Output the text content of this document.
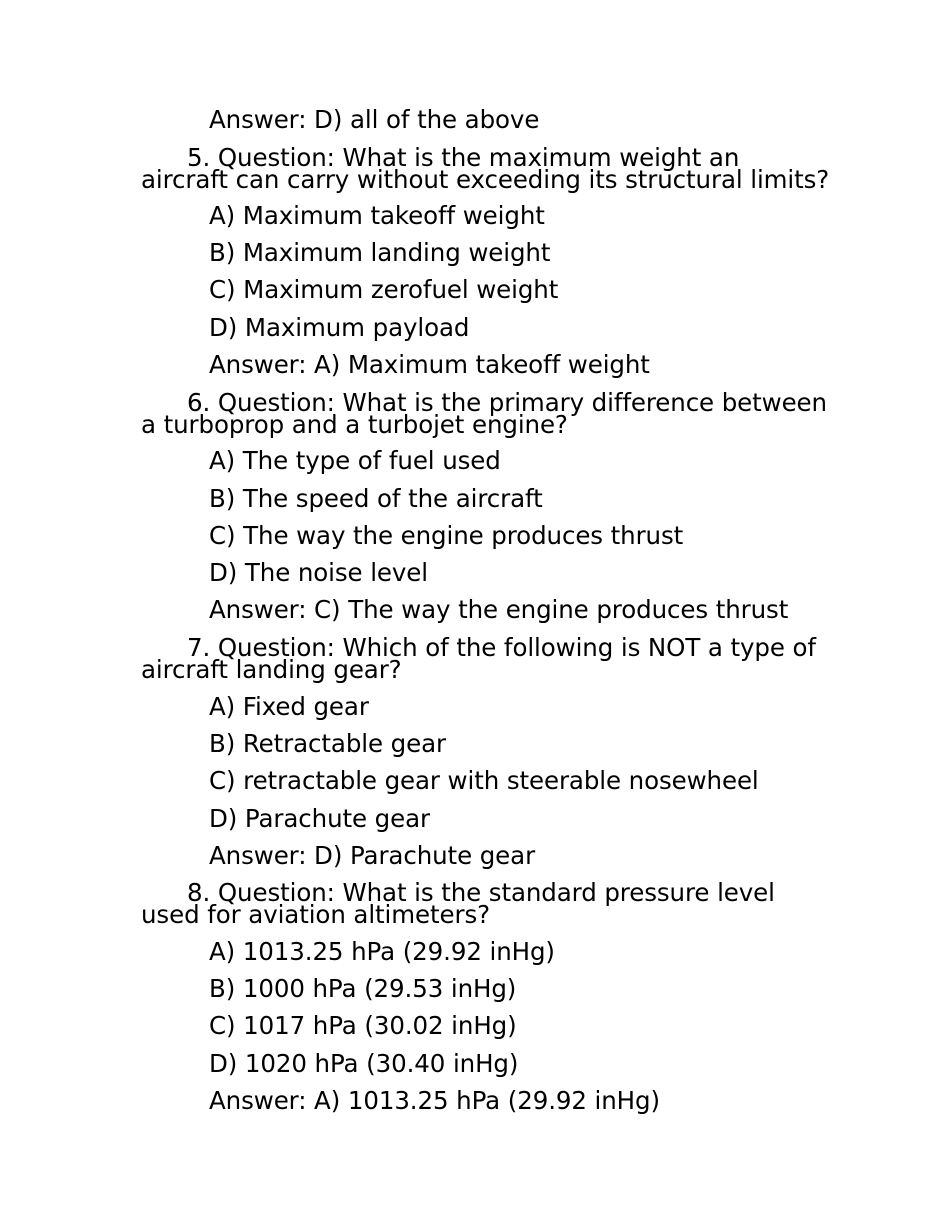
Answer: D) all of the above
5. Question: What is the maximum weight an
aircraft can carry without exceeding its structural limits?
A) Maximum takeoff weight
B) Maximum landing weight
C) Maximum zerofuel weight
D) Maximum payload
Answer: A) Maximum takeoff weight
6. Question: What is the primary difference between
a turboprop and a turbojet engine?
A) The type of fuel used
B) The speed of the aircraft
C) The way the engine produces thrust
D) The noise level
Answer: C) The way the engine produces thrust
7. Question: Which of the following is NOT a type of
aircraft landing gear?
A) Fixed gear
B) Retractable gear
C) retractable gear with steerable nosewheel
D) Parachute gear
Answer: D) Parachute gear
8. Question: What is the standard pressure level
used for aviation altimeters?
A) 1013.25 hPa (29.92 inHg)
B) 1000 hPa (29.53 inHg)
C) 1017 hPa (30.02 inHg)
D) 1020 hPa (30.40 inHg)
Answer: A) 1013.25 hPa (29.92 inHg)
